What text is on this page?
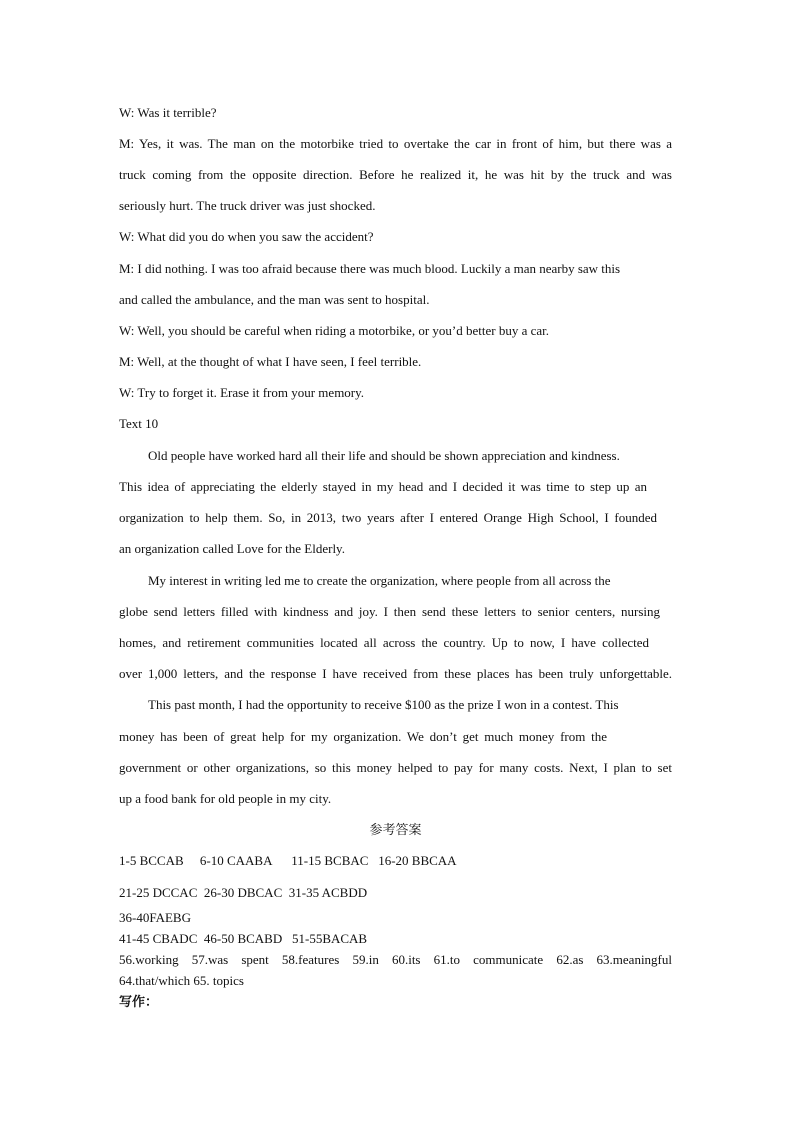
W: Was it terrible?
M: Yes, it was. The man on the motorbike tried to overtake the car in front of him, but there was a
truck coming from the opposite direction. Before he realized it, he was hit by the truck and was
seriously hurt. The truck driver was just shocked.
W: What did you do when you saw the accident?
M: I did nothing. I was too afraid because there was much blood. Luckily a man nearby saw this
and called the ambulance, and the man was sent to hospital.
W: Well, you should be careful when riding a motorbike, or you’d better buy a car.
M: Well, at the thought of what I have seen, I feel terrible.
W: Try to forget it. Erase it from your memory.
Text 10
Old people have worked hard all their life and should be shown appreciation and kindness.
This idea of appreciating the elderly stayed in my head and I decided it was time to step up an
organization to help them. So, in 2013, two years after I entered Orange High School, I founded
an organization called Love for the Elderly.
My interest in writing led me to create the organization, where people from all across the
globe send letters filled with kindness and joy. I then send these letters to senior centers, nursing
homes, and retirement communities located all across the country. Up to now, I have collected
over 1,000 letters, and the response I have received from these places has been truly unforgettable.
This past month, I had the opportunity to receive $100 as the prize I won in a contest. This
money has been of great help for my organization. We don’t get much money from the
government or other organizations, so this money helped to pay for many costs. Next, I plan to set
up a food bank for old people in my city.
参考答案
1-5 BCCAB     6-10 CAABA      11-15 BCBAC   16-20 BBCAA
21-25 DCCAC  26-30 DBCAC  31-35 ACBDD
36-40FAEBG
41-45 CBADC  46-50 BCABD   51-55BACAB
56.working 57.was spent 58.features 59.in 60.its 61.to communicate 62.as 63.meaningful
64.that/which 65. topics
写作：
